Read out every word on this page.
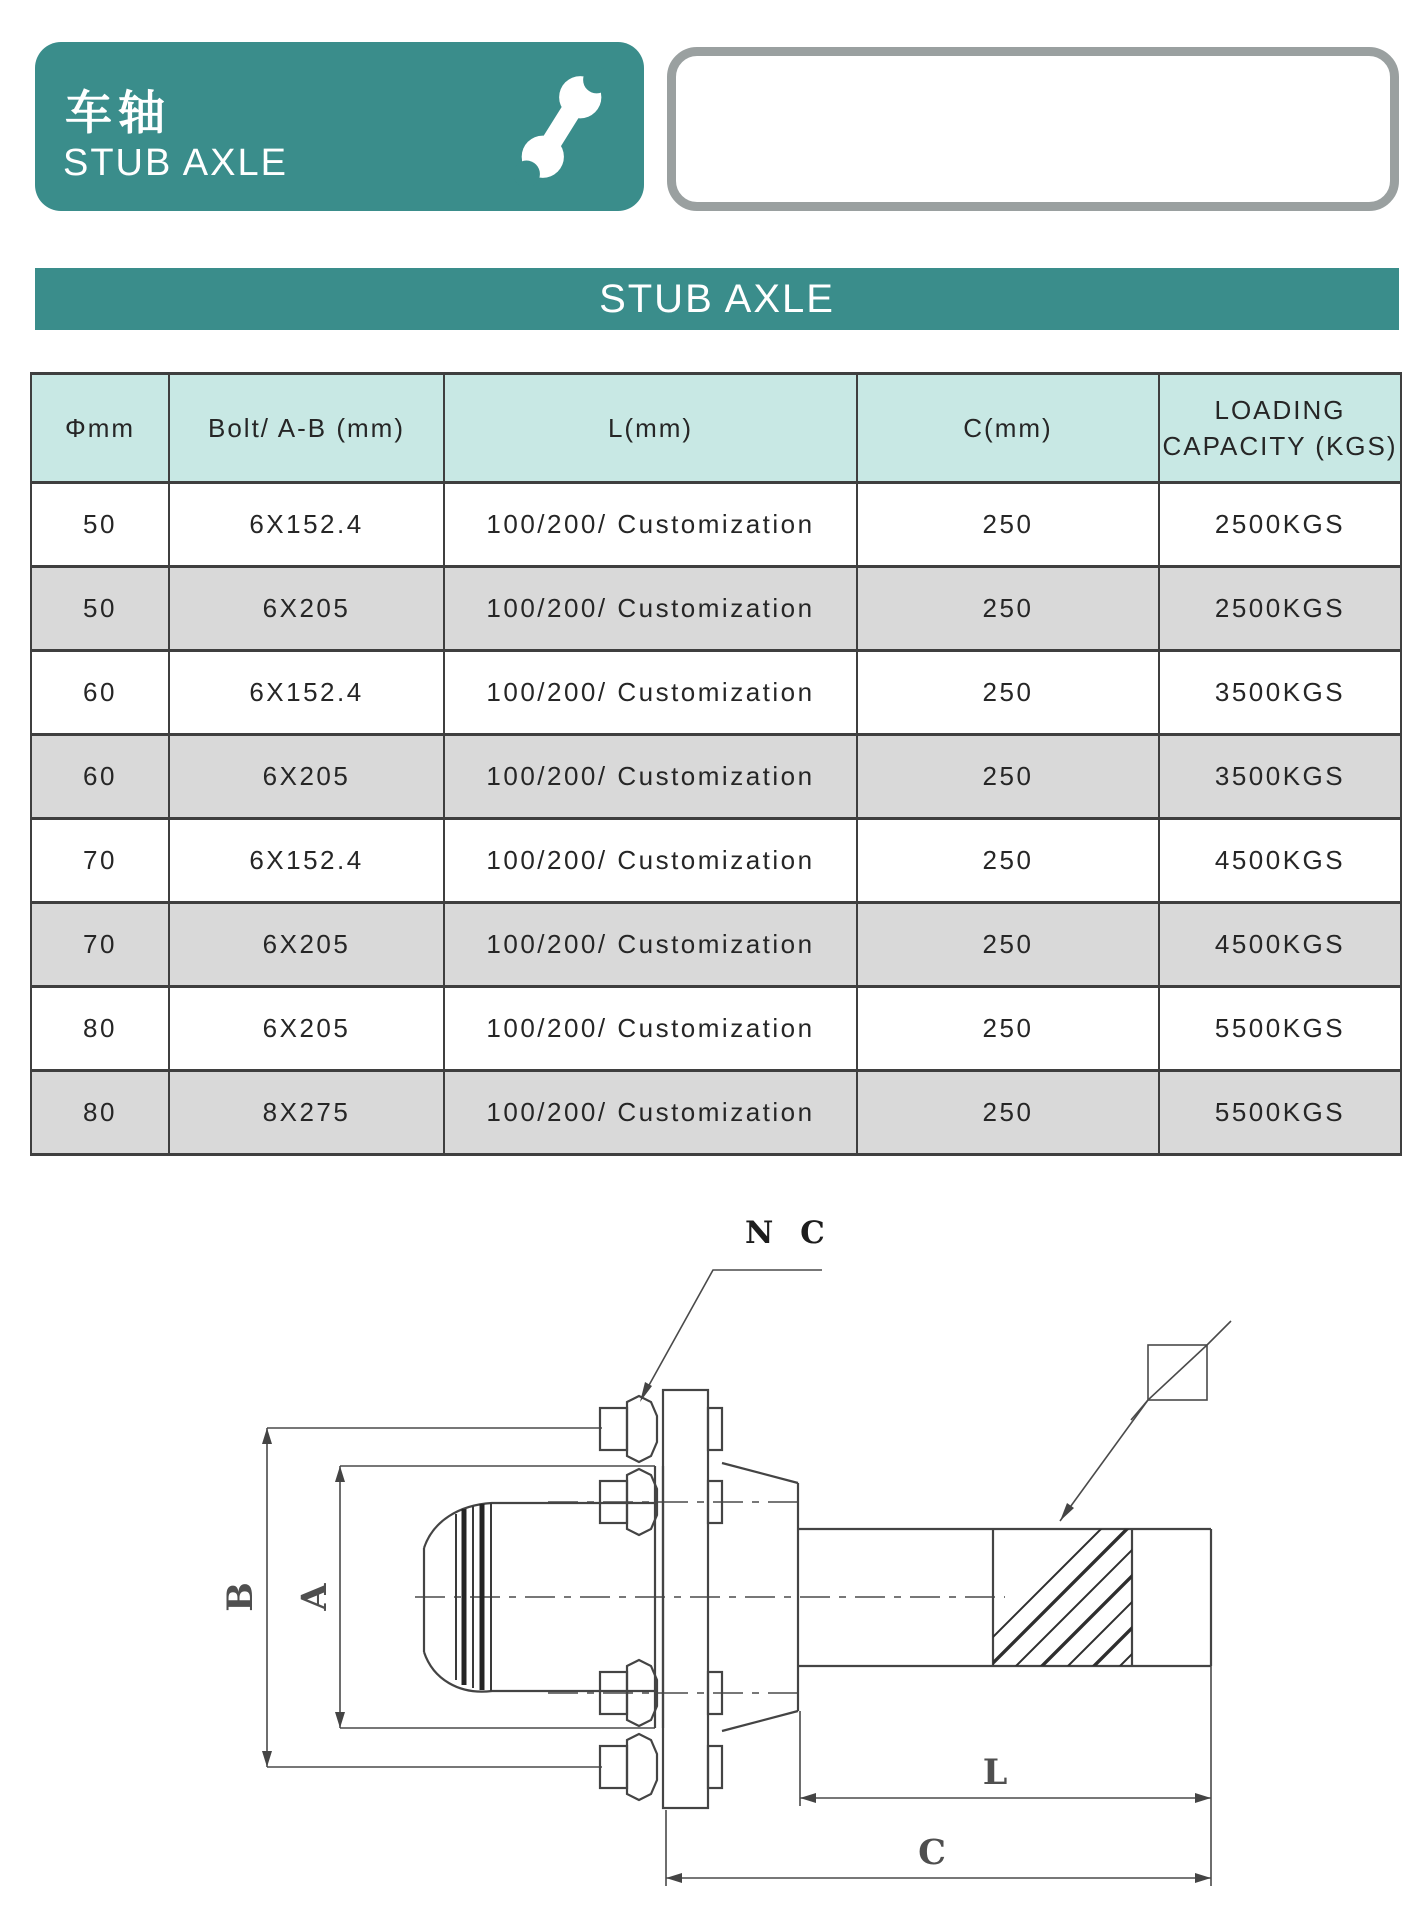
车轴
STUB AXLE
STUB AXLE
Φmm	Bolt/ A-B (mm)	L(mm)	C(mm)	LOADING
CAPACITY (KGS)

50	6X152.4	100/200/ Customization	250	2500KGS
50	6X205	100/200/ Customization	250	2500KGS
60	6X152.4	100/200/ Customization	250	3500KGS
60	6X205	100/200/ Customization	250	3500KGS
70	6X152.4	100/200/ Customization	250	4500KGS
70	6X205	100/200/ Customization	250	4500KGS
80	6X205	100/200/ Customization	250	5500KGS
80	8X275	100/200/ Customization	250	5500KGS
B A
N C
L
C
